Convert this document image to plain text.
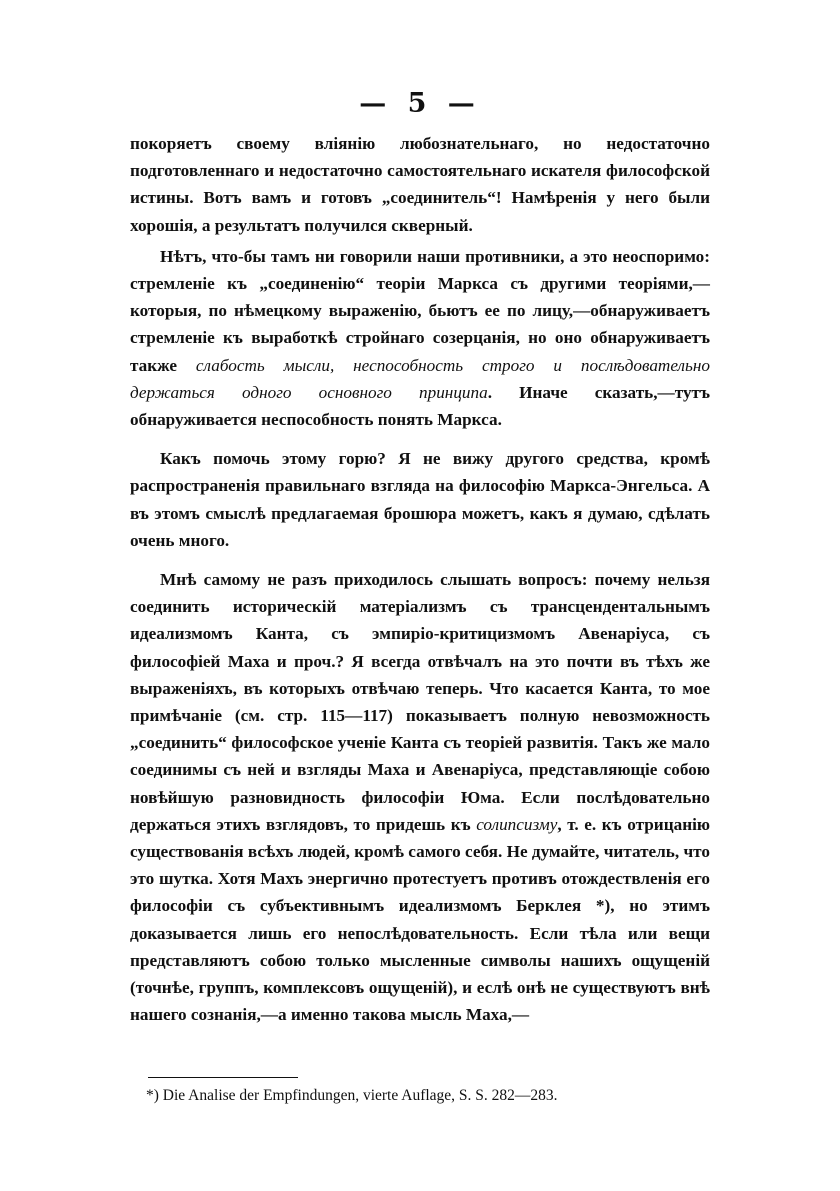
— 5 —

покоряетъ своему вліянію любознательнаго, но недостаточно подготовленнаго и недостаточно самостоятельнаго искателя философской истины. Вотъ вамъ и готовъ „соединитель“! Намѣренія у него были хорошія, а результатъ получился скверный.

Нѣтъ, что-бы тамъ ни говорили наши противники, а это неоспоримо: стремленіе къ „соединенію“ теоріи Маркса съ другими теоріями,—которыя, по нѣмецкому выраженію, бьютъ ее по лицу,—обнаруживаетъ стремленіе къ выработкѣ стройнаго созерцанія, но оно обнаруживаетъ также слабость мысли, неспособность строго и послѣдовательно держаться одного основного принципа. Иначе сказать,—тутъ обнаруживается неспособность понять Маркса.

Какъ помочь этому горю? Я не вижу другого средства, кромѣ распространенія правильнаго взгляда на философію Маркса-Энгельса. А въ этомъ смыслѣ предлагаемая брошюра можетъ, какъ я думаю, сдѣлать очень много.

Мнѣ самому не разъ приходилось слышать вопросъ: почему нельзя соединить историческій матеріализмъ съ трансцендентальнымъ идеализмомъ Канта, съ эмпиріо-критицизмомъ Авенаріуса, съ философіей Маха и проч.? Я всегда отвѣчалъ на это почти въ тѣхъ же выраженіяхъ, въ которыхъ отвѣчаю теперь. Что касается Канта, то мое примѣчаніе (см. стр. 115—117) показываетъ полную невозможность „соединить“ философское ученіе Канта съ теоріей развитія. Такъ же мало соединимы съ ней и взгляды Маха и Авенаріуса, представляющіе собою новѣйшую разновидность философіи Юма. Если послѣдовательно держаться этихъ взглядовъ, то придешь къ солипсизму, т. е. къ отрицанію существованія всѣхъ людей, кромѣ самого себя. Не думайте, читатель, что это шутка. Хотя Махъ энергично протестуетъ противъ отождествленія его философіи съ субъективнымъ идеализмомъ Берклея *), но этимъ доказывается лишь его непослѣдовательность. Если тѣла или вещи представляютъ собою только мысленные символы нашихъ ощущеній (точнѣе, группъ, комплексовъ ощущеній), и еслѣ онѣ не существуютъ внѣ нашего сознанія,—а именно такова мысль Маха,—

*) Die Analise der Empfindungen, vierte Auflage, S. S. 282—283.
